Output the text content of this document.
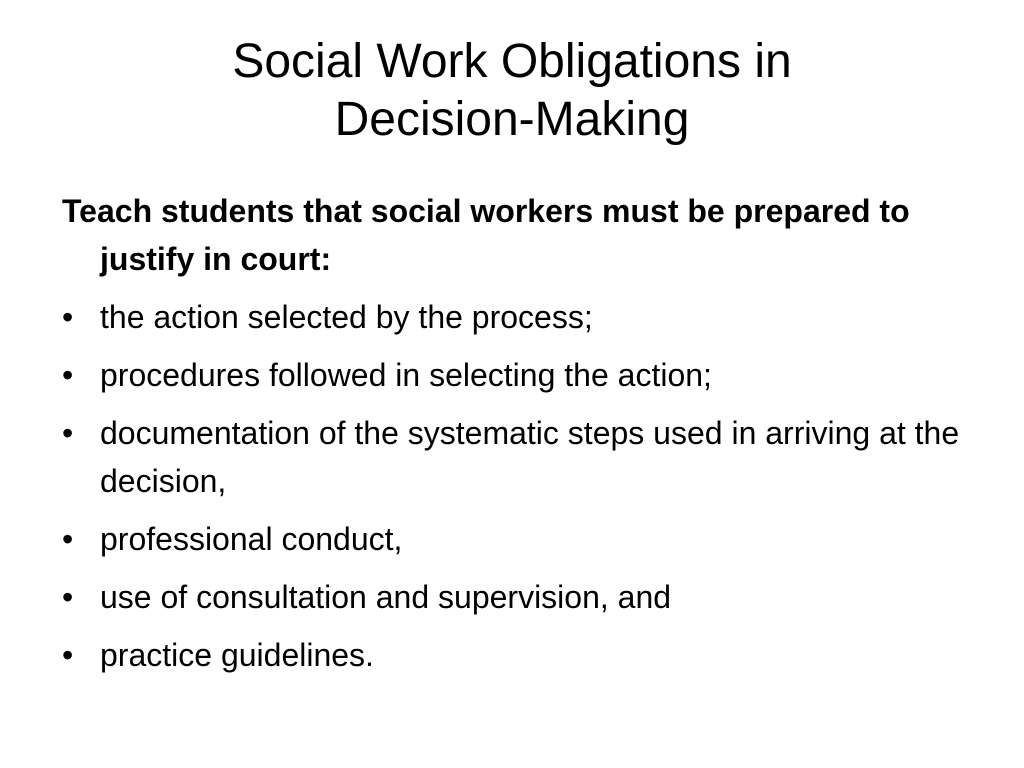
Social Work Obligations in
Decision-Making

Teach students that social workers must be prepared to justify in court:

• the action selected by the process;
• procedures followed in selecting the action;
• documentation of the systematic steps used in arriving at the decision,
• professional conduct,
• use of consultation and supervision, and
• practice guidelines.
